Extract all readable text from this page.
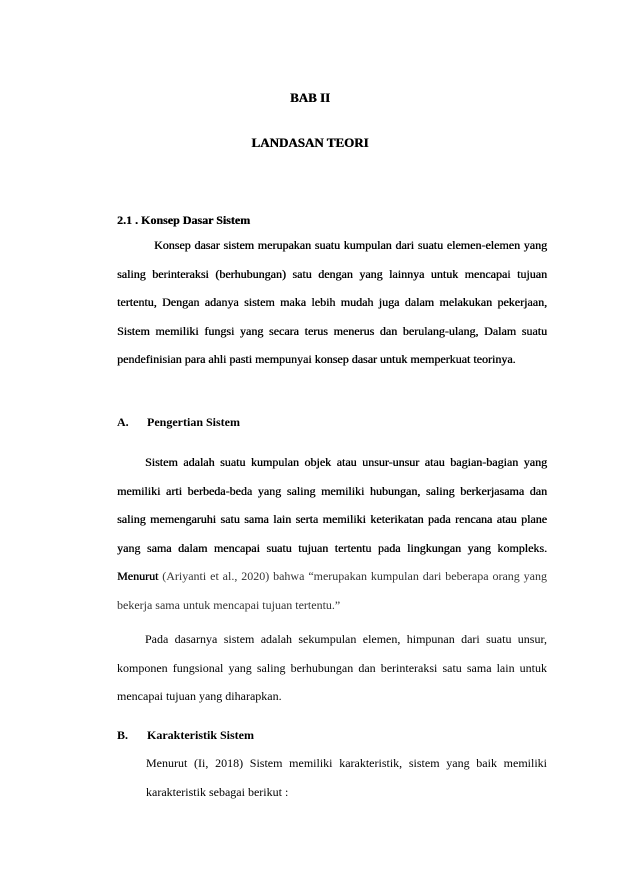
BAB II
LANDASAN TEORI
2.1 . Konsep Dasar Sistem

Konsep dasar sistem merupakan suatu kumpulan dari suatu elemen-elemen yang saling berinteraksi (berhubungan) satu dengan yang lainnya untuk mencapai tujuan tertentu, Dengan adanya sistem maka lebih mudah juga dalam melakukan pekerjaan, Sistem memiliki fungsi yang secara terus menerus dan berulang-ulang, Dalam suatu pendefinisian para ahli pasti mempunyai konsep dasar untuk memperkuat teorinya.

A. Pengertian Sistem

Sistem adalah suatu kumpulan objek atau unsur-unsur atau bagian-bagian yang memiliki arti berbeda-beda yang saling memiliki hubungan, saling berkerjasama dan saling memengaruhi satu sama lain serta memiliki keterikatan pada rencana atau plane yang sama dalam mencapai suatu tujuan tertentu pada lingkungan yang kompleks. Menurut (Ariyanti et al., 2020) bahwa “merupakan kumpulan dari beberapa orang yang bekerja sama untuk mencapai tujuan tertentu.”

Pada dasarnya sistem adalah sekumpulan elemen, himpunan dari suatu unsur, komponen fungsional yang saling berhubungan dan berinteraksi satu sama lain untuk mencapai tujuan yang diharapkan.

B. Karakteristik Sistem

Menurut (Ii, 2018) Sistem memiliki karakteristik, sistem yang baik memiliki karakteristik sebagai berikut :
